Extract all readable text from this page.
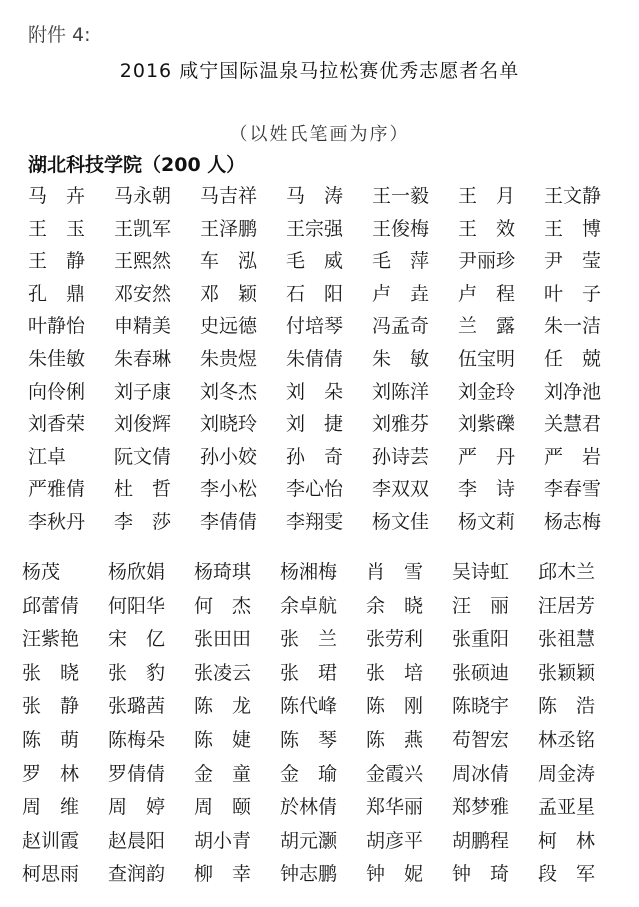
附件 4:
2016 咸宁国际温泉马拉松赛优秀志愿者名单
（以姓氏笔画为序）
湖北科技学院（200 人）
马　卉	马永朝	马吉祥	马　涛	王一毅	王　月	王文静
王　玉	王凯军	王泽鹏	王宗强	王俊梅	王　效	王　博
王　静	王熙然	车　泓	毛　威	毛　萍	尹丽珍	尹　莹
孔　鼎	邓安然	邓　颖	石　阳	卢　垚	卢　程	叶　子
叶静怡	申精美	史远德	付培琴	冯孟奇	兰　露	朱一洁
朱佳敏	朱春琳	朱贵煜	朱倩倩	朱　敏	伍宝明	任　兢
向伶俐	刘子康	刘冬杰	刘　朵	刘陈洋	刘金玲	刘净池
刘香荣	刘俊辉	刘晓玲	刘　捷	刘雅芬	刘紫礫	关慧君
江卓	阮文倩	孙小姣	孙　奇	孙诗芸	严　丹	严　岩
严雅倩	杜　哲	李小松	李心怡	李双双	李　诗	李春雪
李秋丹	李　莎	李倩倩	李翔雯	杨文佳	杨文莉	杨志梅
杨茂	杨欣娟	杨琦琪	杨湘梅	肖　雪	吴诗虹	邱木兰
邱蕾倩	何阳华	何　杰	余卓航	余　晓	汪　丽	汪居芳
汪紫艳	宋　亿	张田田	张　兰	张劳利	张重阳	张祖慧
张　晓	张　豹	张凌云	张　珺	张　培	张硕迪	张颖颖
张　静	张璐茜	陈　龙	陈代峰	陈　刚	陈晓宇	陈　浩
陈　萌	陈梅朵	陈　婕	陈　琴	陈　燕	苟智宏	林丞铭
罗　林	罗倩倩	金　童	金　瑜	金霞兴	周冰倩	周金涛
周　维	周　婷	周　颐	於林倩	郑华丽	郑梦雅	孟亚星
赵训霞	赵晨阳	胡小青	胡元灏	胡彦平	胡鹏程	柯　林
柯思雨	查润韵	柳　幸	钟志鹏	钟　妮	钟　琦	段　军
